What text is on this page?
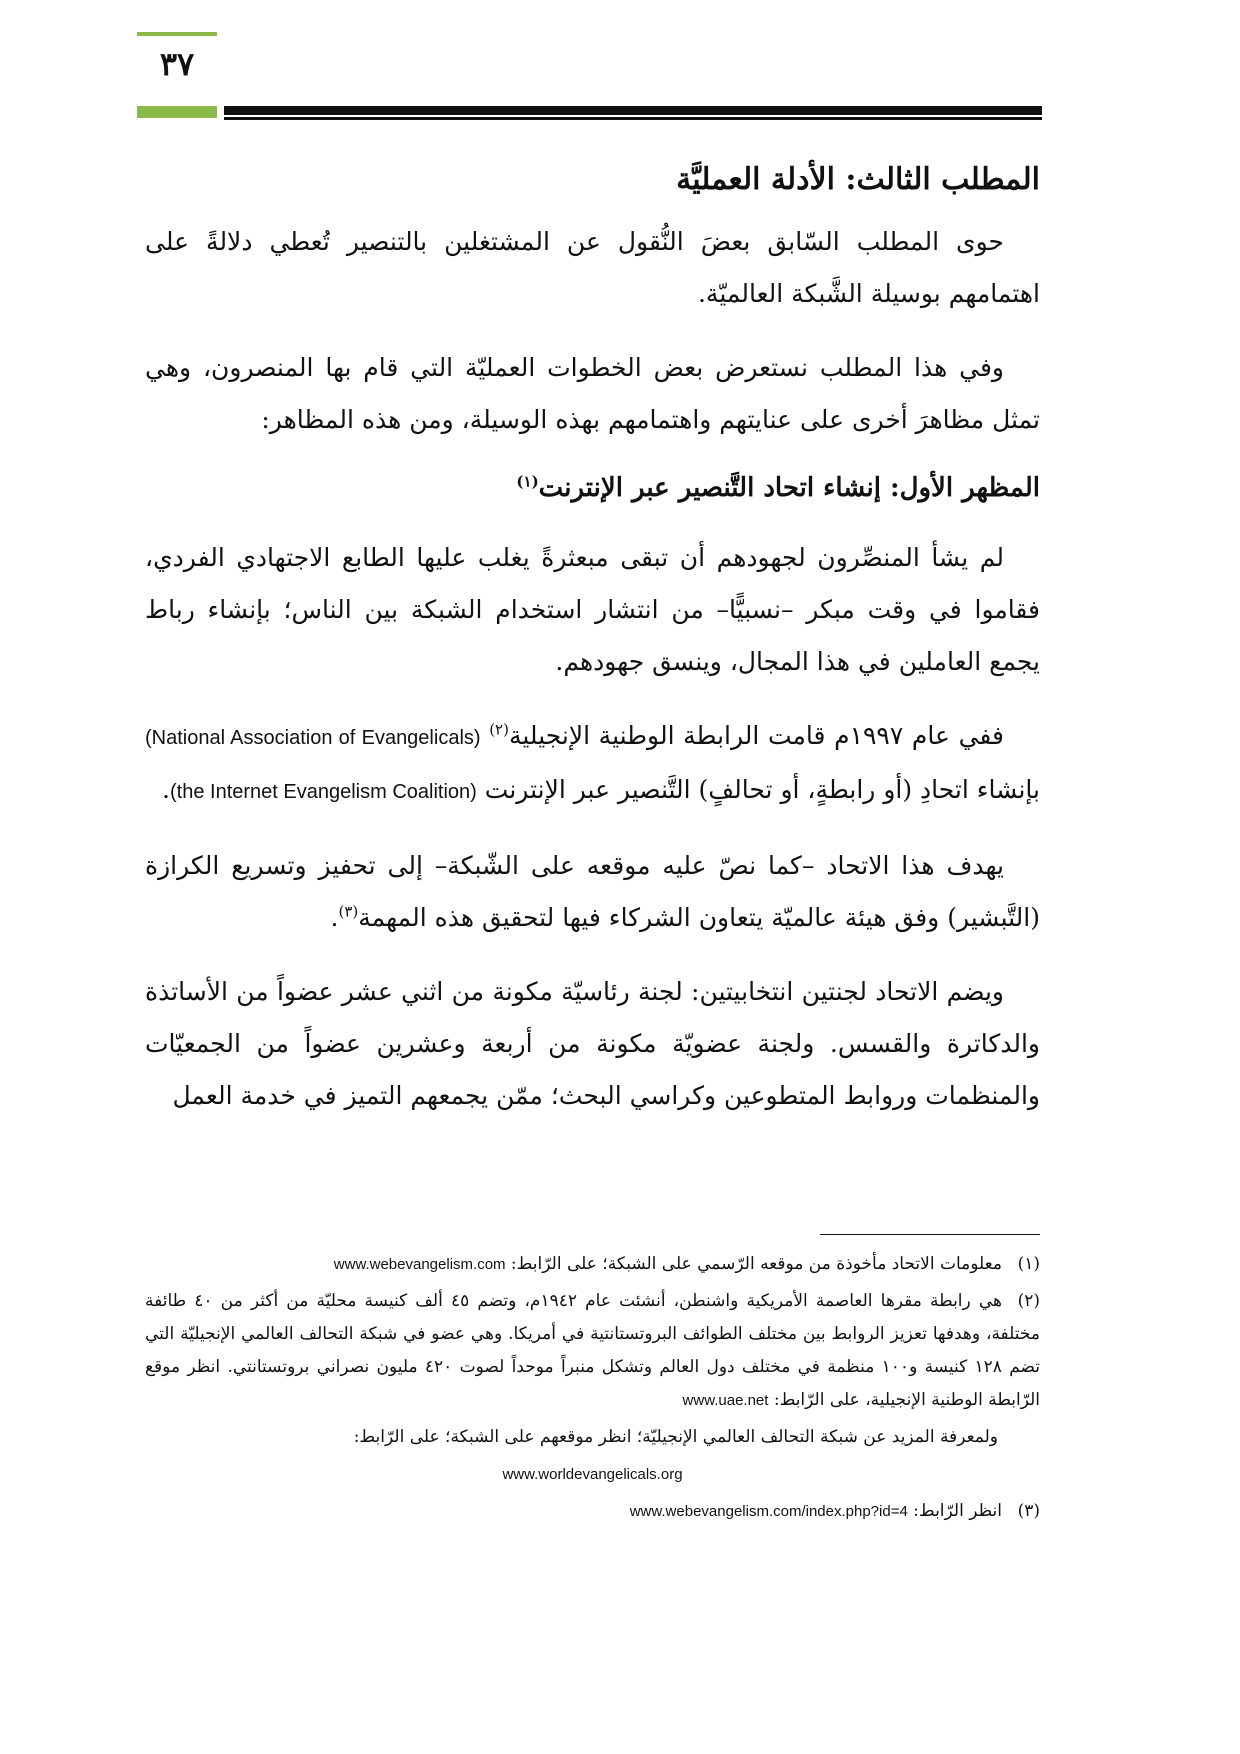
٣٧
المطلب الثالث: الأدلة العمليَّة

حوى المطلب السّابق بعضَ النُّقول عن المشتغلين بالتنصير تُعطي دلالةً على اهتمامهم بوسيلة الشَّبكة العالميّة.

وفي هذا المطلب نستعرض بعض الخطوات العمليّة التي قام بها المنصرون، وهي تمثل مظاهرَ أخرى على عنايتهم واهتمامهم بهذه الوسيلة، ومن هذه المظاهر:

المظهر الأول: إنشاء اتحاد التَّنصير عبر الإنترنت$^{(١)}$

لم يشأ المنصِّرون لجهودهم أن تبقى مبعثرةً يغلب عليها الطابع الاجتهادي الفردي، فقاموا في وقت مبكر –نسبيًّا– من انتشار استخدام الشبكة بين الناس؛ بإنشاء رباط يجمع العاملين في هذا المجال، وينسق جهودهم.

ففي عام ١٩٩٧م قامت الرابطة الوطنية الإنجيلية$^{(٢)}$ (National Association of Evangelicals) بإنشاء اتحادِ (أو رابطةٍ، أو تحالفٍ) التَّنصير عبر الإنترنت (the Internet Evangelism Coalition).

يهدف هذا الاتحاد –كما نصّ عليه موقعه على الشّبكة– إلى تحفيز وتسريع الكرازة (التَّبشير) وفق هيئة عالميّة يتعاون الشركاء فيها لتحقيق هذه المهمة$^{(٣)}$.

ويضم الاتحاد لجنتين انتخابيتين: لجنة رئاسيّة مكونة من اثني عشر عضواً من الأساتذة والدكاترة والقسس. ولجنة عضويّة مكونة من أربعة وعشرين عضواً من الجمعيّات والمنظمات وروابط المتطوعين وكراسي البحث؛ ممّن يجمعهم التميز في خدمة العمل

(١)معلومات الاتحاد مأخوذة من موقعه الرّسمي على الشبكة؛ على الرّابط: www.webevangelism.com

(٢)هي رابطة مقرها العاصمة الأمريكية واشنطن، أنشئت عام ١٩٤٢م، وتضم ٤٥ ألف كنيسة محليّة من أكثر من ٤٠ طائفة مختلفة، وهدفها تعزيز الروابط بين مختلف الطوائف البروتستانتية في أمريكا. وهي عضو في شبكة التحالف العالمي الإنجيليّة التي تضم ١٢٨ كنيسة و١٠٠ منظمة في مختلف دول العالم وتشكل منبراً موحداً لصوت ٤٢٠ مليون نصراني بروتستانتي. انظر موقع الرّابطة الوطنية الإنجيلية، على الرّابط: www.uae.net

ولمعرفة المزيد عن شبكة التحالف العالمي الإنجيليّة؛ انظر موقعهم على الشبكة؛ على الرّابط:

www.worldevangelicals.org

(٣)انظر الرّابط: www.webevangelism.com/index.php?id=4
